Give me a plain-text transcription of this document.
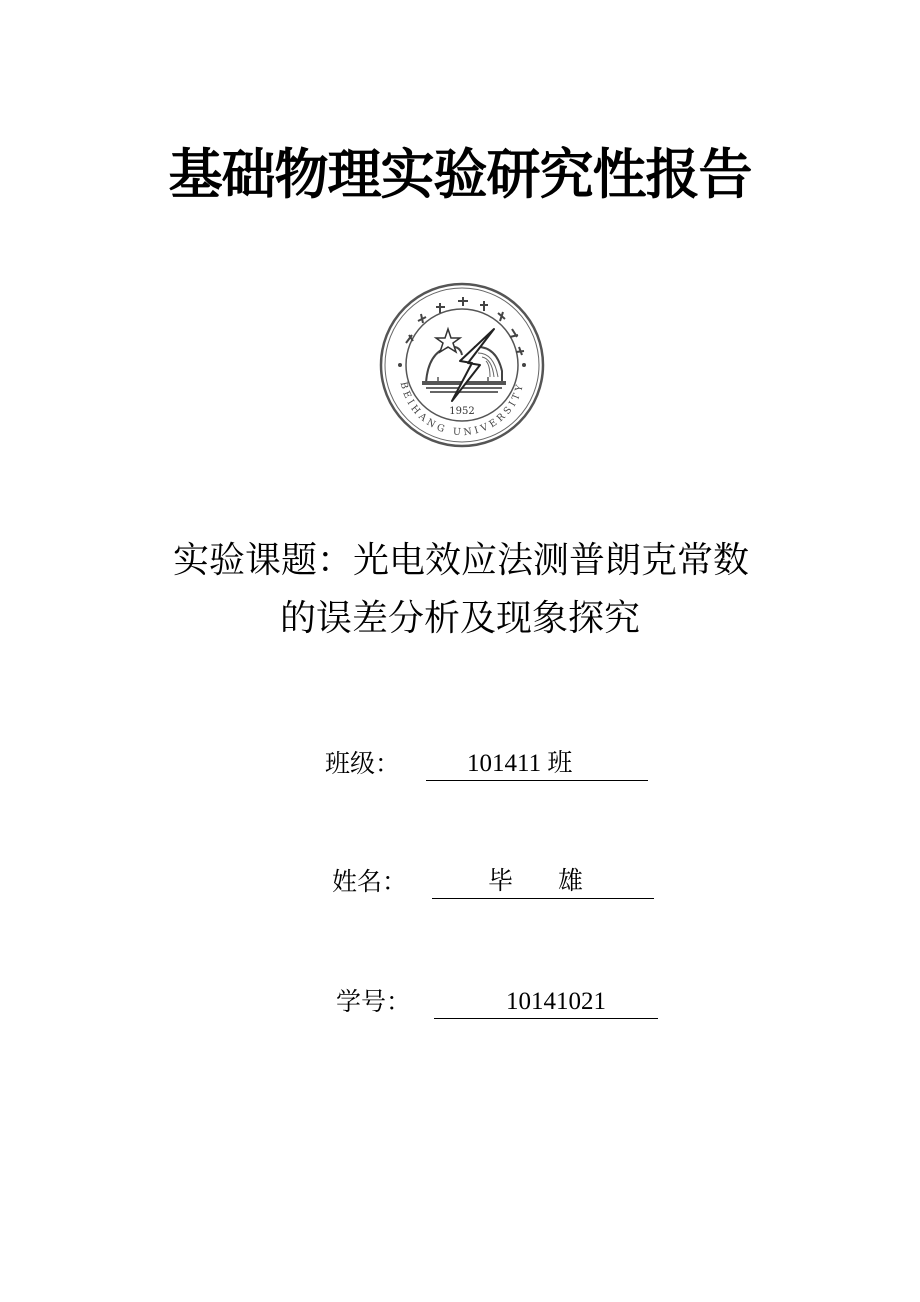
基础物理实验研究性报告
1952
BEIHANG UNIVERSITY
实验课题：光电效应法测普朗克常数
的误差分析及现象探究
班级：	101411 班
姓名：	毕 雄
学号：	10141021
